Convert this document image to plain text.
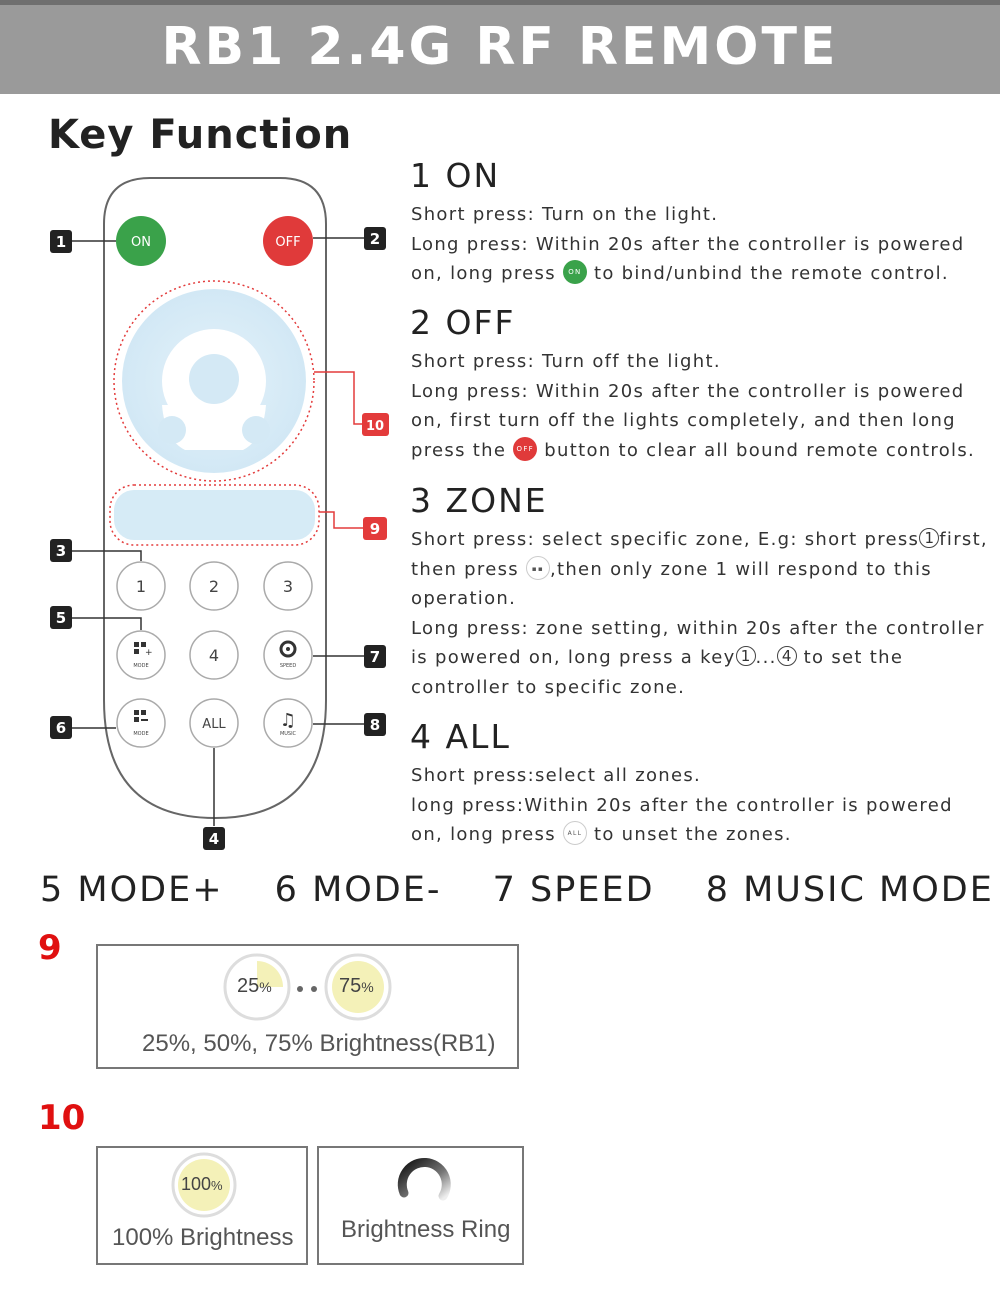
RB1 2.4G RF REMOTE
Key Function
ON	OFF
1	2	3
+
MODE
4
SPEED
MODE
ALL	♫
MUSIC
1	2
3
4
5
6
7
8
9
10
1 ON
Short press: Turn on the light.
Long press: Within 20s after the controller is powered
on, long press ON to bind/unbind the remote control.
2 OFF
Short press: Turn off the light.
Long press: Within 20s after the controller is powered
on, first turn off the lights completely, and then long
press the OFF button to clear all bound remote controls.
3 ZONE
Short press: select specific zone, E.g: short press 1 first,
then press ▪▪ ,then only zone 1 will respond to this
operation.
Long press: zone setting, within 20s after the controller
is powered on, long press a key 1 ... 4 to set the
controller to specific zone.
4 ALL
Short press:select all zones.
long press:Within 20s after the controller is powered
on, long press ALL to unset the zones.
5 MODE+ 6 MODE- 7 SPEED 8 MUSIC MODE
9
25%	75%
25%, 50%, 75% Brightness(RB1)
10
100%
100% Brightness Brightness Ring
